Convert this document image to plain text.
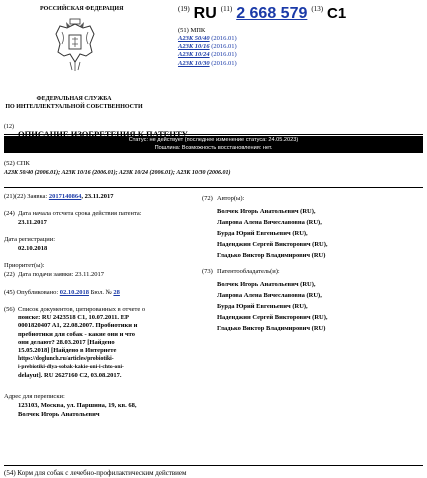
РОССИЙСКАЯ ФЕДЕРАЦИЯ
ФЕДЕРАЛЬНАЯ СЛУЖБА
ПО ИНТЕЛЛЕКТУАЛЬНОЙ СОБСТВЕННОСТИ
$^{(19)}$ RU $^{(11)}$ 2 668 579 $^{(13)}$ C1
(51) МПК
A23K 50/40 (2016.01)
A23K 10/16 (2016.01)
A23K 10/24 (2016.01)
A23K 10/30 (2016.01)
$^{(12)}$
Статус: не действует (последнее изменение статуса: 24.05.2023)
Пошлина: Возможность восстановления: нет.
(52) СПК
A23K 50/40 (2006.01); A23K 10/16 (2006.01); A23K 10/24 (2006.01); A23K 10/30 (2006.01)
(21)(22) Заявка: 2017140864, 23.11.2017
(24) Дата начала отсчета срока действия патента:
23.11.2017
Дата регистрации:
02.10.2018
Приоритет(ы):
(22) Дата подачи заявки: 23.11.2017
(45) Опубликовано: 02.10.2018 Бюл. № 28
(56) Список документов, цитированных в отчете о
поиске: RU 2423518 C1, 10.07.2011. EP
0001820407 A1, 22.08.2007. Пробиотики и
пребиотики для собак - какие они и что
они делают? 28.03.2017 [Найдено
15.05.2018] [Найдено в Интернете
https://doglunch.ru/articles/probiotiki-
i-prebiotiki-dlya-sobak-kakie-oni-i-chto-oni-
delayut]. RU 2627160 C2, 03.08.2017.
Адрес для переписки:
123103, Москва, ул. Паршина, 19, кв. 68,
Волчек Игорь Анатольевич
(72) Автор(ы):
Волчек Игорь Анатольевич (RU),
Лаврова Алена Вячеславовна (RU),
Бурда Юрий Евгеньевич (RU),
Наденджин Сергей Викторович (RU),
Гладько Виктор Владимирович (RU)
(73) Патентообладатель(и):
Волчек Игорь Анатольевич (RU),
Лаврова Алена Вячеславовна (RU),
Бурда Юрий Евгеньевич (RU),
Наденджин Сергей Викторович (RU),
Гладько Виктор Владимирович (RU)
(54) Корм для собак с лечебно-профилактическим действием
